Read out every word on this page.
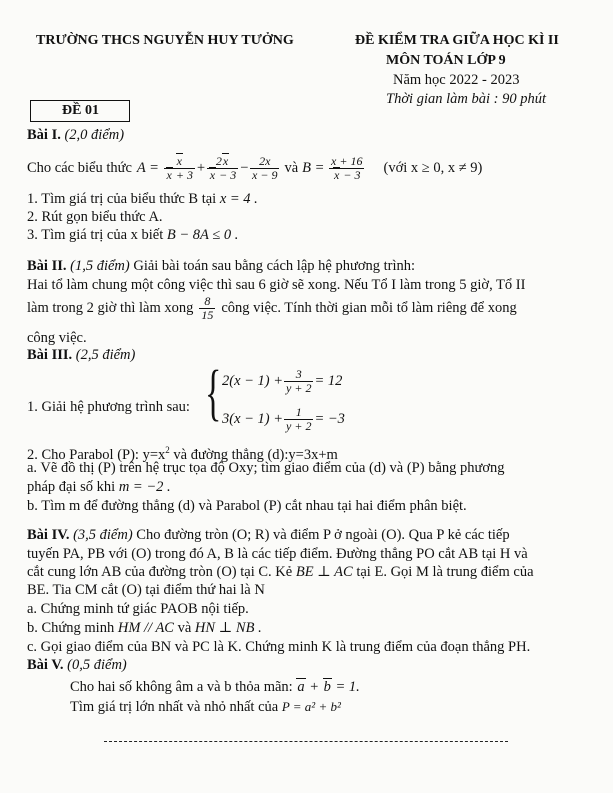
TRƯỜNG THCS NGUYỄN HUY TƯỞNG	ĐỀ KIỂM TRA GIỮA HỌC KÌ II
MÔN TOÁN LỚP 9
Năm học 2022 - 2023
Thời gian làm bài : 90 phút
ĐỀ 01
Bài I. (2,0 điểm)
Cho các biểu thức $A = \frac{x}{x + 3} + \frac{2x}{x - 3} - \frac{2x}{x - 9}$ và $B = \frac{x + 16}{x - 3}$ (với x ≥ 0, x ≠ 9)
1. Tìm giá trị của biểu thức B tại x = 4 .
2. Rút gọn biểu thức A.
3. Tìm giá trị của x biết B − 8A ≤ 0 .
Bài II. (1,5 điểm) Giải bài toán sau bằng cách lập hệ phương trình:
Hai tổ làm chung một công việc thì sau 6 giờ sẽ xong. Nếu Tổ I làm trong 5 giờ, Tổ II
làm trong 2 giờ thì làm xong $\frac{8}{15}$ công việc. Tính thời gian mỗi tổ làm riêng để xong
công việc.
Bài III. (2,5 điểm)
1. Giải hệ phương trình sau: { $2(x - 1) + \frac{3}{y + 2} = 12$
$3(x - 1) + \frac{1}{y + 2} = -3$
2. Cho Parabol (P): $y=x^2$ và đường thẳng (d):y=3x+m
a. Vẽ đồ thị (P) trên hệ trục tọa độ Oxy; tìm giao điểm của (d) và (P) bằng phương
pháp đại số khi m = −2 .
b. Tìm m để đường thẳng (d) và Parabol (P) cắt nhau tại hai điểm phân biệt.
Bài IV. (3,5 điểm) Cho đường tròn (O; R) và điểm P ở ngoài (O). Qua P kẻ các tiếp
tuyến PA, PB với (O) trong đó A, B là các tiếp điểm. Đường thẳng PO cắt AB tại H và
cắt cung lớn AB của đường tròn (O) tại C. Kẻ BE ⊥ AC tại E. Gọi M là trung điểm của
BE. Tia CM cắt (O) tại điểm thứ hai là N
a. Chứng minh tứ giác PAOB nội tiếp.
b. Chứng minh HM // AC và HN ⊥ NB .
c. Gọi giao điểm của BN và PC là K. Chứng minh K là trung điểm của đoạn thẳng PH.
Bài V. (0,5 điểm)
Cho hai số không âm a và b thỏa mãn: a + b = 1.
Tìm giá trị lớn nhất và nhỏ nhất của P = a² + b²
